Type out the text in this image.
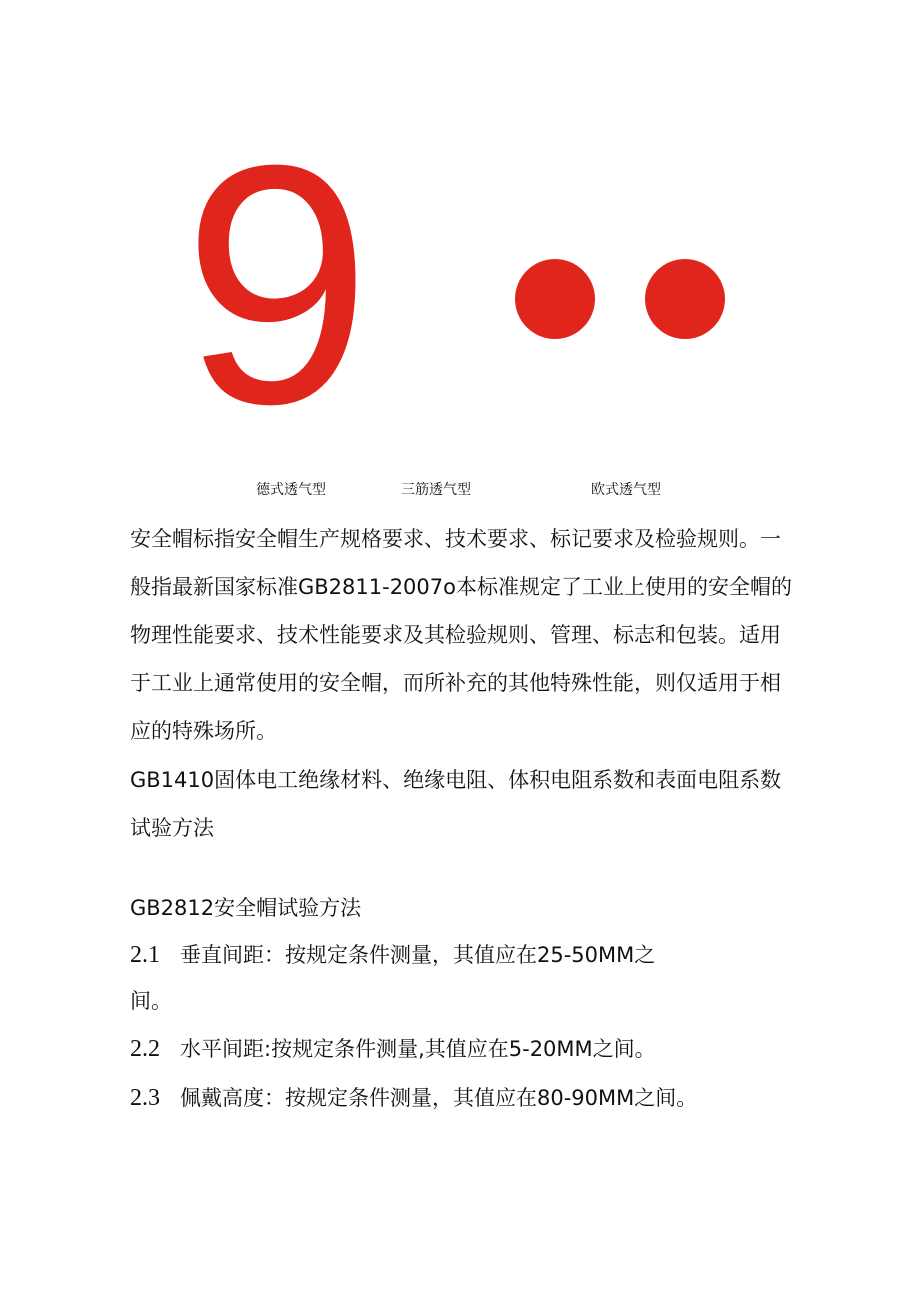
9

德式透气型	三筋透气型	欧式透气型

安全帽标指安全帽生产规格要求、技术要求、标记要求及检验规则。一般指最新国家标准GB2811-2007o本标准规定了工业上使用的安全帽的物理性能要求、技术性能要求及其检验规则、管理、标志和包装。适用于工业上通常使用的安全帽，而所补充的其他特殊性能，则仅适用于相应的特殊场所。

GB1410固体电工绝缘材料、绝缘电阻、体积电阻系数和表面电阻系数试验方法

GB2812安全帽试验方法

2.1 垂直间距：按规定条件测量，其值应在25-50MM之

间。

2.2 水平间距:按规定条件测量,其值应在5-20MM之间。

2.3 佩戴高度：按规定条件测量，其值应在80-90MM之间。
